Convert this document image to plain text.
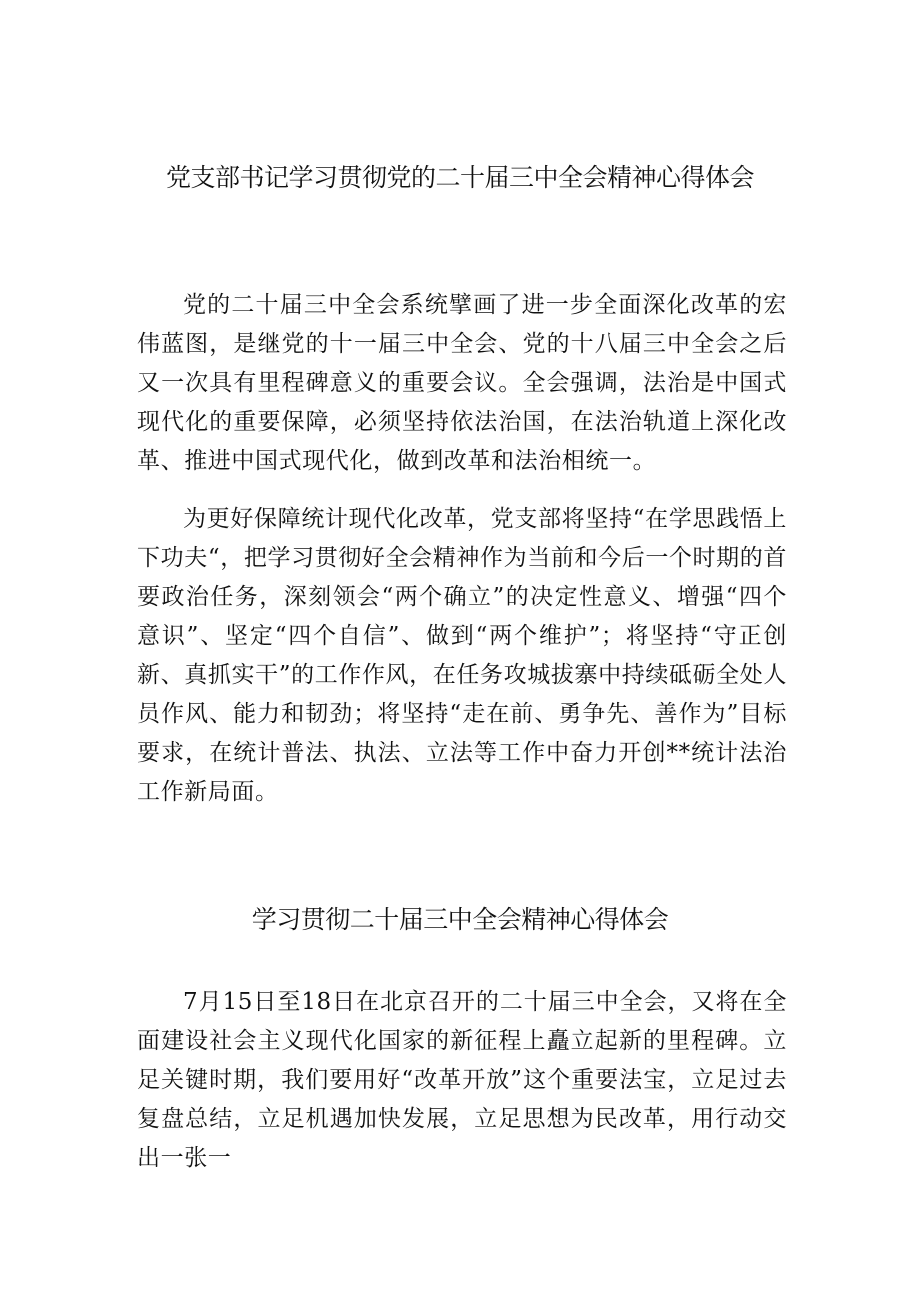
党支部书记学习贯彻党的二十届三中全会精神心得体会

党的二十届三中全会系统擘画了进一步全面深化改革的宏伟蓝图，是继党的十一届三中全会、党的十八届三中全会之后又一次具有里程碑意义的重要会议。全会强调，法治是中国式现代化的重要保障，必须坚持依法治国，在法治轨道上深化改革、推进中国式现代化，做到改革和法治相统一。

为更好保障统计现代化改革，党支部将坚持“在学思践悟上下功夫“，把学习贯彻好全会精神作为当前和今后一个时期的首要政治任务，深刻领会“两个确立”的决定性意义、增强“四个意识”、坚定“四个自信”、做到“两个维护”；将坚持“守正创新、真抓实干”的工作作风，在任务攻城拔寨中持续砥砺全处人员作风、能力和韧劲；将坚持“走在前、勇争先、善作为”目标要求，在统计普法、执法、立法等工作中奋力开创**统计法治工作新局面。

学习贯彻二十届三中全会精神心得体会

7月15日至18日在北京召开的二十届三中全会，又将在全面建设社会主义现代化国家的新征程上矗立起新的里程碑。立足关键时期，我们要用好“改革开放”这个重要法宝，立足过去复盘总结，立足机遇加快发展，立足思想为民改革，用行动交出一张一
